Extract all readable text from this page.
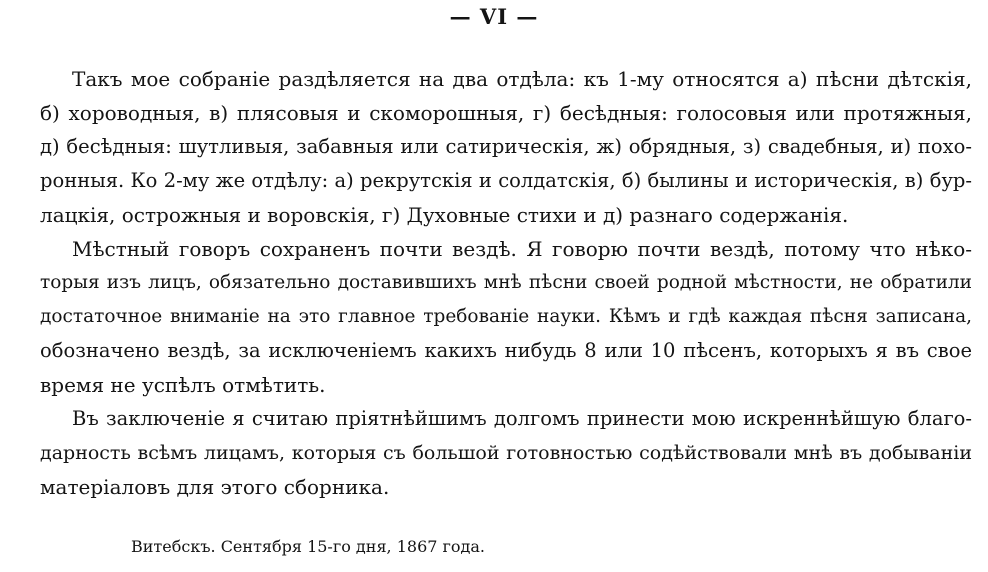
— VI —
Такъ мое собраніе раздѣляется на два отдѣла: къ 1-му относятся а) пѣсни дѣтскія,
б) хороводныя, в) плясовыя и скоморошныя, г) бесѣдныя: голосовыя или протяжныя,
д) бесѣдныя: шутливыя, забавныя или сатирическія, ж) обрядныя, з) свадебныя, и) похо-
ронныя. Ко 2-му же отдѣлу: а) рекрутскія и солдатскія, б) былины и историческія, в) бур-
лацкія, острожныя и воровскія, г) Духовные стихи и д) разнаго содержанія.
Мѣстный говоръ сохраненъ почти вездѣ. Я говорю почти вездѣ, потому что нѣко-
торыя изъ лицъ, обязательно доставившихъ мнѣ пѣсни своей родной мѣстности, не обратили
достаточное вниманіе на это главное требованіе науки. Кѣмъ и гдѣ каждая пѣсня записана,
обозначено вездѣ, за исключеніемъ какихъ нибудь 8 или 10 пѣсенъ, которыхъ я въ свое
время не успѣлъ отмѣтить.
Въ заключеніе я считаю пріятнѣйшимъ долгомъ принести мою искреннѣйшую благо-
дарность всѣмъ лицамъ, которыя съ большой готовностью содѣйствовали мнѣ въ добываніи
матеріаловъ для этого сборника.
Витебскъ. Сентября 15-го дня, 1867 года.
